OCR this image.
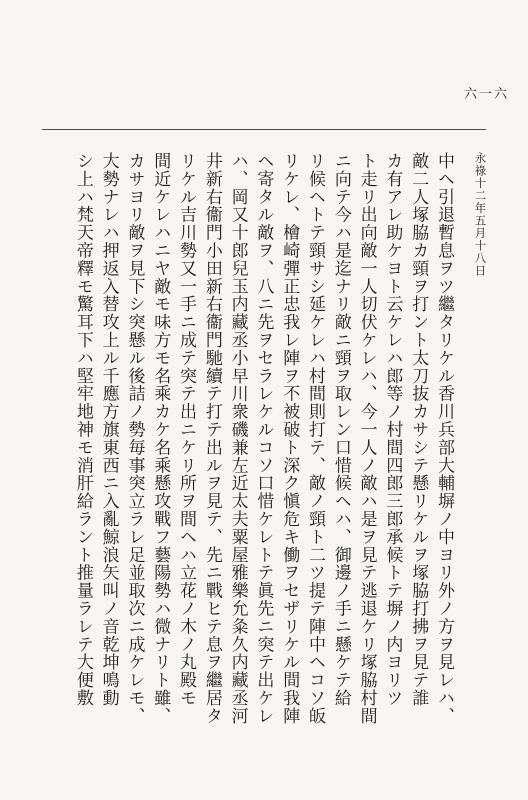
六一六
永祿十二年五月十八日
中ヘ引退暫息ヲツ繼タリケル香川兵部大輔塀ノ中ヨリ外ノ方ヲ見レハ、
敵二人塚脇カ頸ヲ打ント太刀抜カサシテ懸リケルヲ塚脇打拂ヲ見テ誰
カ有アレ助ケヨト云ケレハ郎等ノ村間四郎三郎承候トテ塀ノ内ヨリツ
ト走リ出向敵一人切伏ケレハ、今一人ノ敵ハ是ヲ見テ逃退ケリ塚脇村間
ニ向テ今ハ是迄ナリ敵ニ頸ヲ取レン口惜候ヘハ、御邊ノ手ニ懸ケテ給
リ候ヘトテ頸サシ延ケレハ村間則打テ、敵ノ頸ト二ツ提テ陣中ヘコソ皈
リケレ、檜崎彈正忠我レ陣ヲ不被破ト深ク愼危キ働ヲセザリケル間我陣
ヘ寄タル敵ヲ、八ニ先ヲセラレケルコソ口惜ケレトテ眞先ニ突テ出ケレ
ハ、岡又十郎兒玉内藏丞小早川衆磯兼左近太夫粟屋雅樂允粂久内藏丞河
井新右衞門小田新右衞門馳續テ打テ出ルヲ見テ、先ニ戰ヒテ息ヲ繼居タ
リケル吉川勢又一手ニ成テ突テ出ニケリ所ヲ間ヘハ立花ノ木ノ丸殿モ
間近ケレハニヤ敵モ味方モ名乘カケ名乘懸攻戰フ藝陽勢ハ微ナリト雖、
カサヨリ敵ヲ見下シ突懸ル後詰ノ勢毎事突立ラレ足並取次ニ成ケレモ、
大勢ナレハ押返入替攻上ル千應方旗東西ニ入亂鯨浪矢叫ノ音乾坤鳴動
シ上ハ梵天帝釋モ驚耳下ハ堅牢地神モ消肝給ラント推量ラレテ大便敷
